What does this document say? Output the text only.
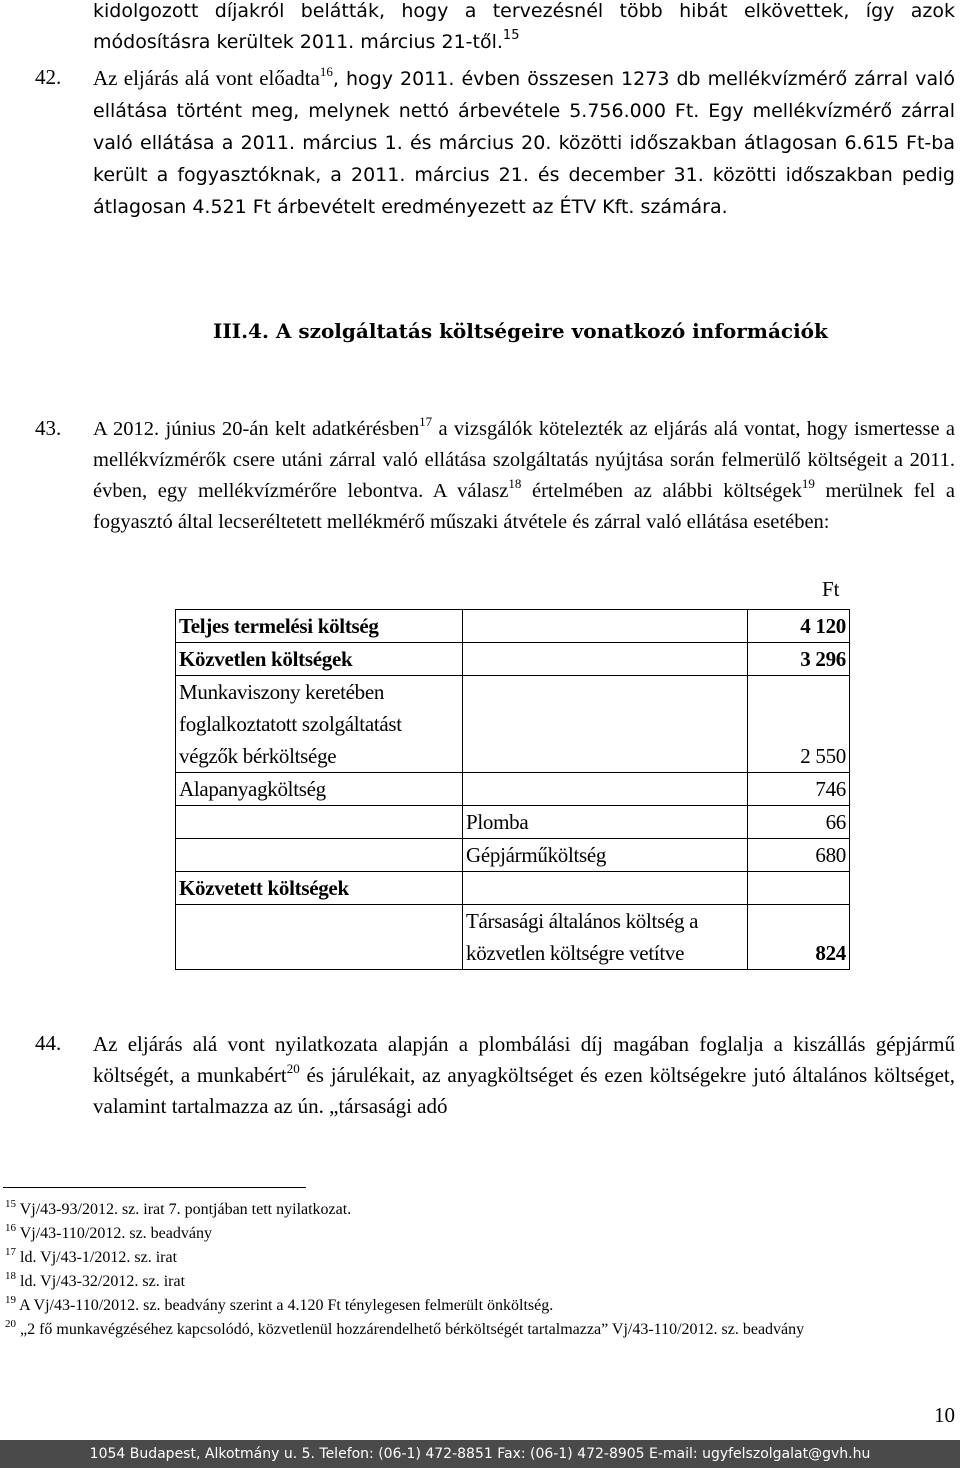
kidolgozott díjakról belátták, hogy a tervezésnél több hibát elkövettek, így azok módosításra kerültek 2011. március 21-től.$^{15}$
42. Az eljárás alá vont előadta$^{16}$, hogy 2011. évben összesen 1273 db mellékvízmérő zárral való ellátása történt meg, melynek nettó árbevétele 5.756.000 Ft. Egy mellékvízmérő zárral való ellátása a 2011. március 1. és március 20. közötti időszakban átlagosan 6.615 Ft-ba került a fogyasztóknak, a 2011. március 21. és december 31. közötti időszakban pedig átlagosan 4.521 Ft árbevételt eredményezett az ÉTV Kft. számára.
III.4. A szolgáltatás költségeire vonatkozó információk
43. A 2012. június 20-án kelt adatkérésben$^{17}$ a vizsgálók kötelezték az eljárás alá vontat, hogy ismertesse a mellékvízmérők csere utáni zárral való ellátása szolgáltatás nyújtása során felmerülő költségeit a 2011. évben, egy mellékvízmérőre lebontva. A válasz$^{18}$ értelmében az alábbi költségek$^{19}$ merülnek fel a fogyasztó által lecseréltetett mellékmérő műszaki átvétele és zárral való ellátása esetében:
Ft
Teljes termelési költség		4 120
Közvetlen költségek		3 296
Munkaviszony keretében foglalkoztatott szolgáltatást végzők bérköltsége		2 550
Alapanyagköltség		746
	Plomba	66
	Gépjárműköltség	680
Közvetett költségek		
	Társasági általános költség a közvetlen költségre vetítve	824
44. Az eljárás alá vont nyilatkozata alapján a plombálási díj magában foglalja a kiszállás gépjármű költségét, a munkabért$^{20}$ és járulékait, az anyagköltséget és ezen költségekre jutó általános költséget, valamint tartalmazza az ún. „társasági adó
$^{15}$ Vj/43-93/2012. sz. irat 7. pontjában tett nyilatkozat.
$^{16}$ Vj/43-110/2012. sz. beadvány
$^{17}$ ld. Vj/43-1/2012. sz. irat
$^{18}$ ld. Vj/43-32/2012. sz. irat
$^{19}$ A Vj/43-110/2012. sz. beadvány szerint a 4.120 Ft ténylegesen felmerült önköltség.
$^{20}$ „2 fő munkavégzéséhez kapcsolódó, közvetlenül hozzárendelhető bérköltségét tartalmazza” Vj/43-110/2012. sz. beadvány
10
1054 Budapest, Alkotmány u. 5. Telefon: (06-1) 472-8851 Fax: (06-1) 472-8905 E-mail: ugyfelszolgalat@gvh.hu
